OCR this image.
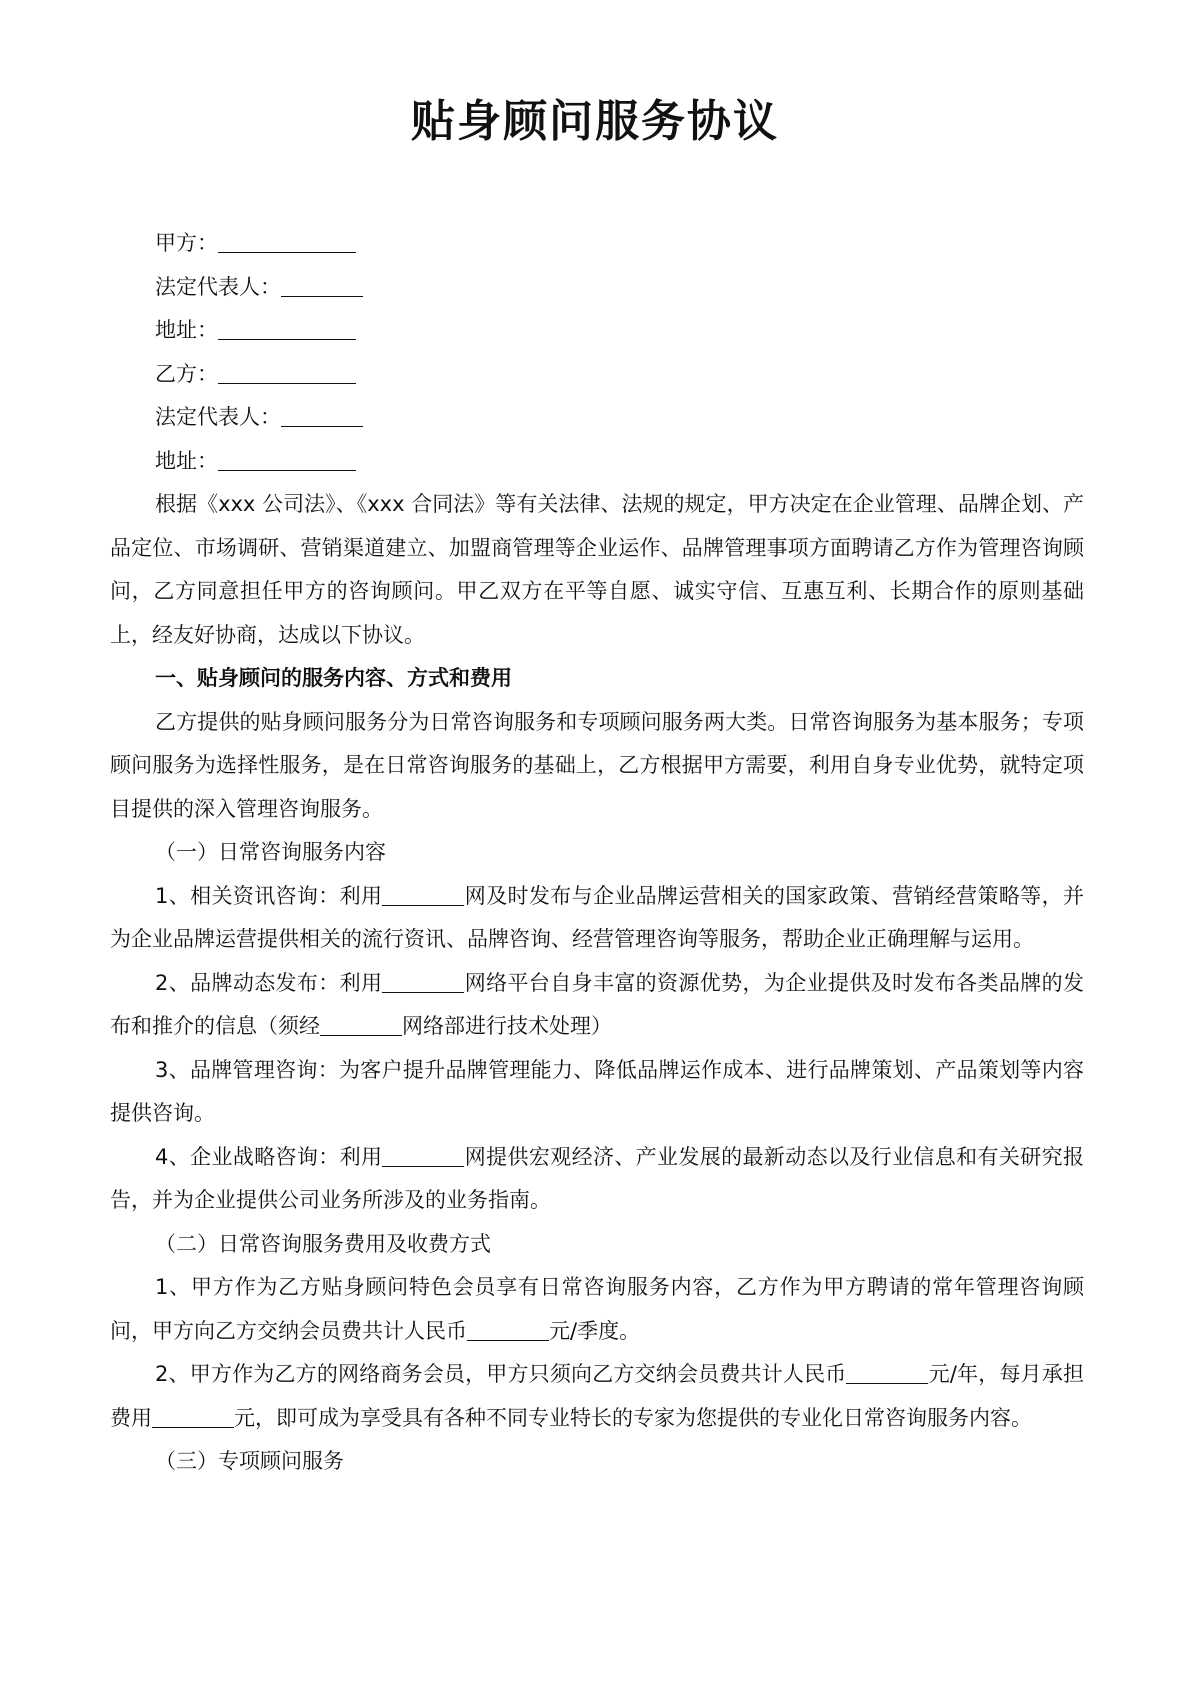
贴身顾问服务协议
甲方：
法定代表人：
地址：
乙方：
法定代表人：
地址：

根据《xxx 公司法》、《xxx 合同法》等有关法律、法规的规定，甲方决定在企业管理、品牌企划、产品定位、市场调研、营销渠道建立、加盟商管理等企业运作、品牌管理事项方面聘请乙方作为管理咨询顾问，乙方同意担任甲方的咨询顾问。甲乙双方在平等自愿、诚实守信、互惠互利、长期合作的原则基础上，经友好协商，达成以下协议。

一、贴身顾问的服务内容、方式和费用

乙方提供的贴身顾问服务分为日常咨询服务和专项顾问服务两大类。日常咨询服务为基本服务；专项顾问服务为选择性服务，是在日常咨询服务的基础上，乙方根据甲方需要，利用自身专业优势，就特定项目提供的深入管理咨询服务。

（一）日常咨询服务内容

1、相关资讯咨询：利用	网及时发布与企业品牌运营相关的国家政策、营销经营策略等，并为企业品牌运营提供相关的流行资讯、品牌咨询、经营管理咨询等服务，帮助企业正确理解与运用。

2、品牌动态发布：利用	网络平台自身丰富的资源优势，为企业提供及时发布各类品牌的发布和推介的信息（须经	网络部进行技术处理）

3、品牌管理咨询：为客户提升品牌管理能力、降低品牌运作成本、进行品牌策划、产品策划等内容提供咨询。

4、企业战略咨询：利用	网提供宏观经济、产业发展的最新动态以及行业信息和有关研究报告，并为企业提供公司业务所涉及的业务指南。

（二）日常咨询服务费用及收费方式

1、甲方作为乙方贴身顾问特色会员享有日常咨询服务内容，乙方作为甲方聘请的常年管理咨询顾问，甲方向乙方交纳会员费共计人民币	元/季度。

2、甲方作为乙方的网络商务会员，甲方只须向乙方交纳会员费共计人民币	元/年，每月承担费用	元，即可成为享受具有各种不同专业特长的专家为您提供的专业化日常咨询服务内容。

（三）专项顾问服务
